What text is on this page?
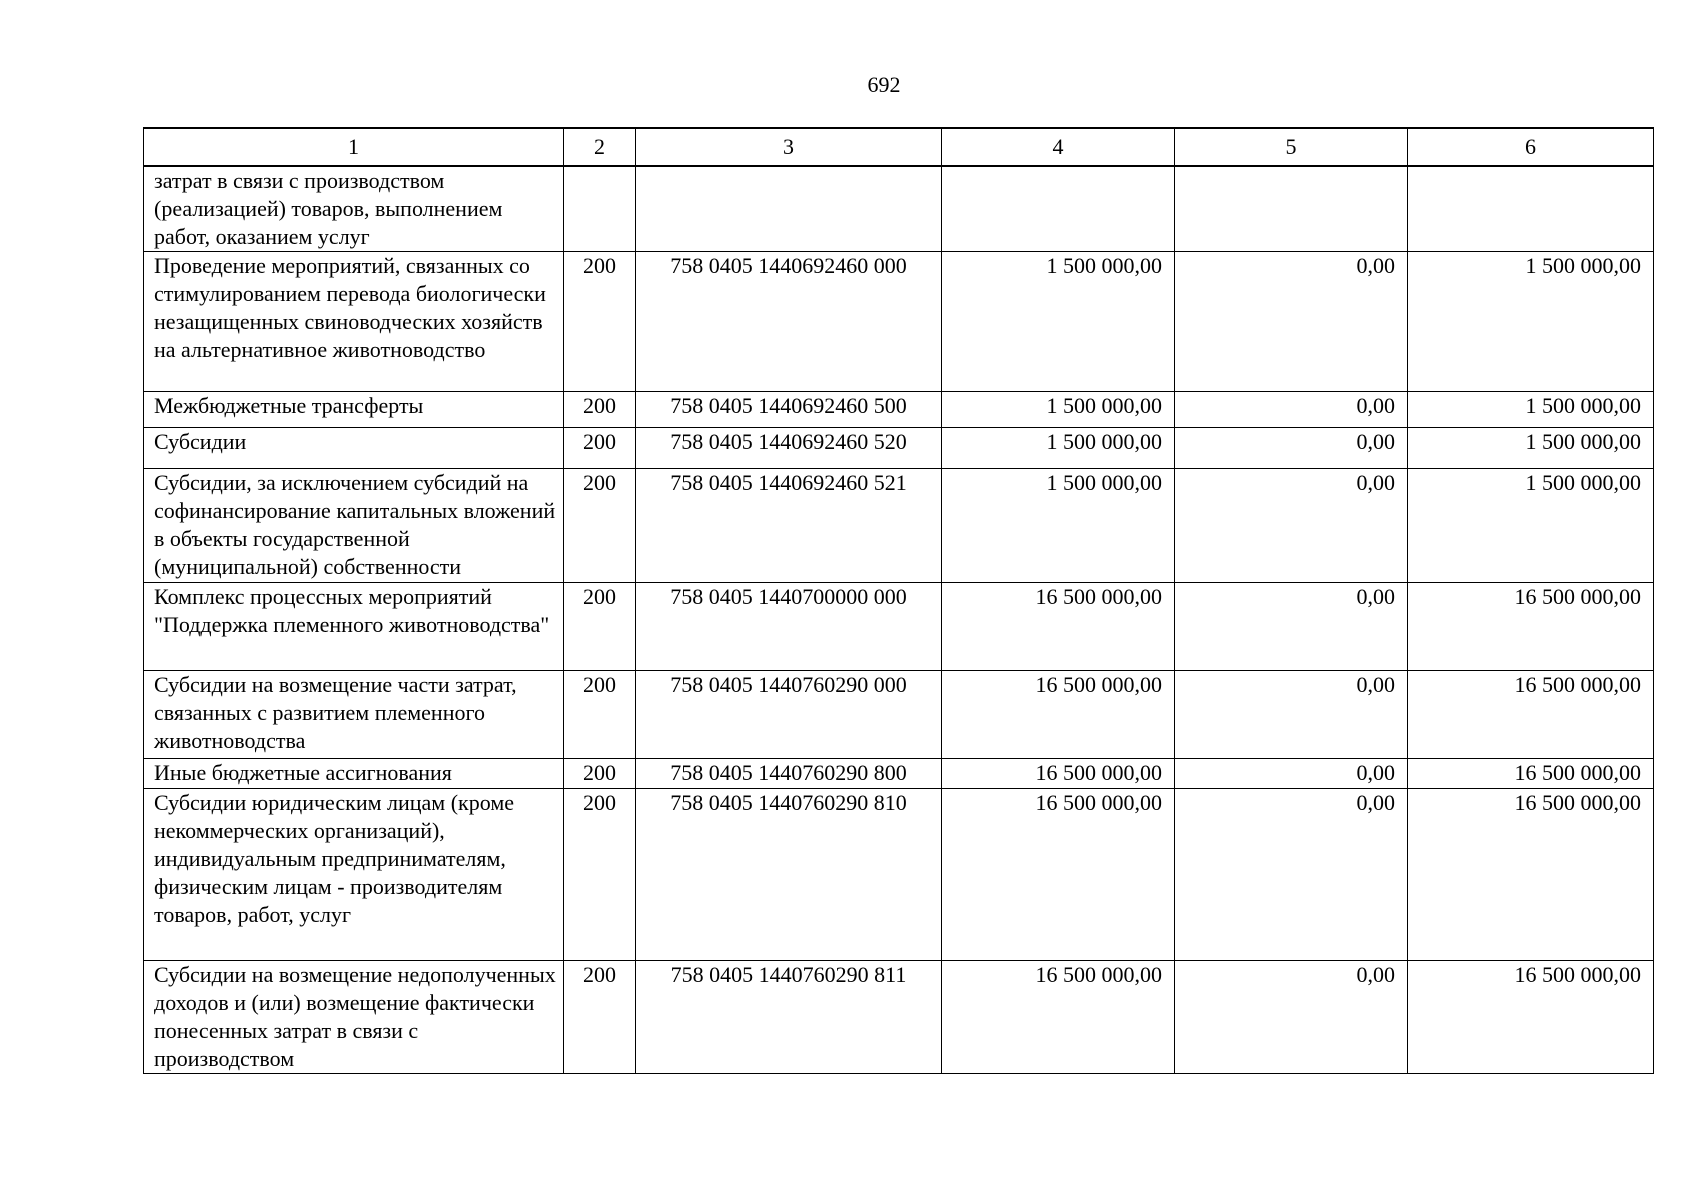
692
1	2	3	4	5	6
затрат в связи с производством (реализацией) товаров, выполнением работ, оказанием услуг					
Проведение мероприятий, связанных со стимулированием перевода биологически незащищенных свиноводческих хозяйств на альтернативное животноводство	200	758 0405 1440692460 000	1 500 000,00	0,00	1 500 000,00
Межбюджетные трансферты	200	758 0405 1440692460 500	1 500 000,00	0,00	1 500 000,00
Субсидии	200	758 0405 1440692460 520	1 500 000,00	0,00	1 500 000,00
Субсидии, за исключением субсидий на софинансирование капитальных вложений в объекты государственной (муниципальной) собственности	200	758 0405 1440692460 521	1 500 000,00	0,00	1 500 000,00
Комплекс процессных мероприятий "Поддержка племенного животноводства"	200	758 0405 1440700000 000	16 500 000,00	0,00	16 500 000,00
Субсидии на возмещение части затрат, связанных с развитием племенного животноводства	200	758 0405 1440760290 000	16 500 000,00	0,00	16 500 000,00
Иные бюджетные ассигнования	200	758 0405 1440760290 800	16 500 000,00	0,00	16 500 000,00
Субсидии юридическим лицам (кроме некоммерческих организаций), индивидуальным предпринимателям, физическим лицам - производителям товаров, работ, услуг	200	758 0405 1440760290 810	16 500 000,00	0,00	16 500 000,00
Субсидии на возмещение недополученных доходов и (или) возмещение фактически понесенных затрат в связи с производством	200	758 0405 1440760290 811	16 500 000,00	0,00	16 500 000,00
